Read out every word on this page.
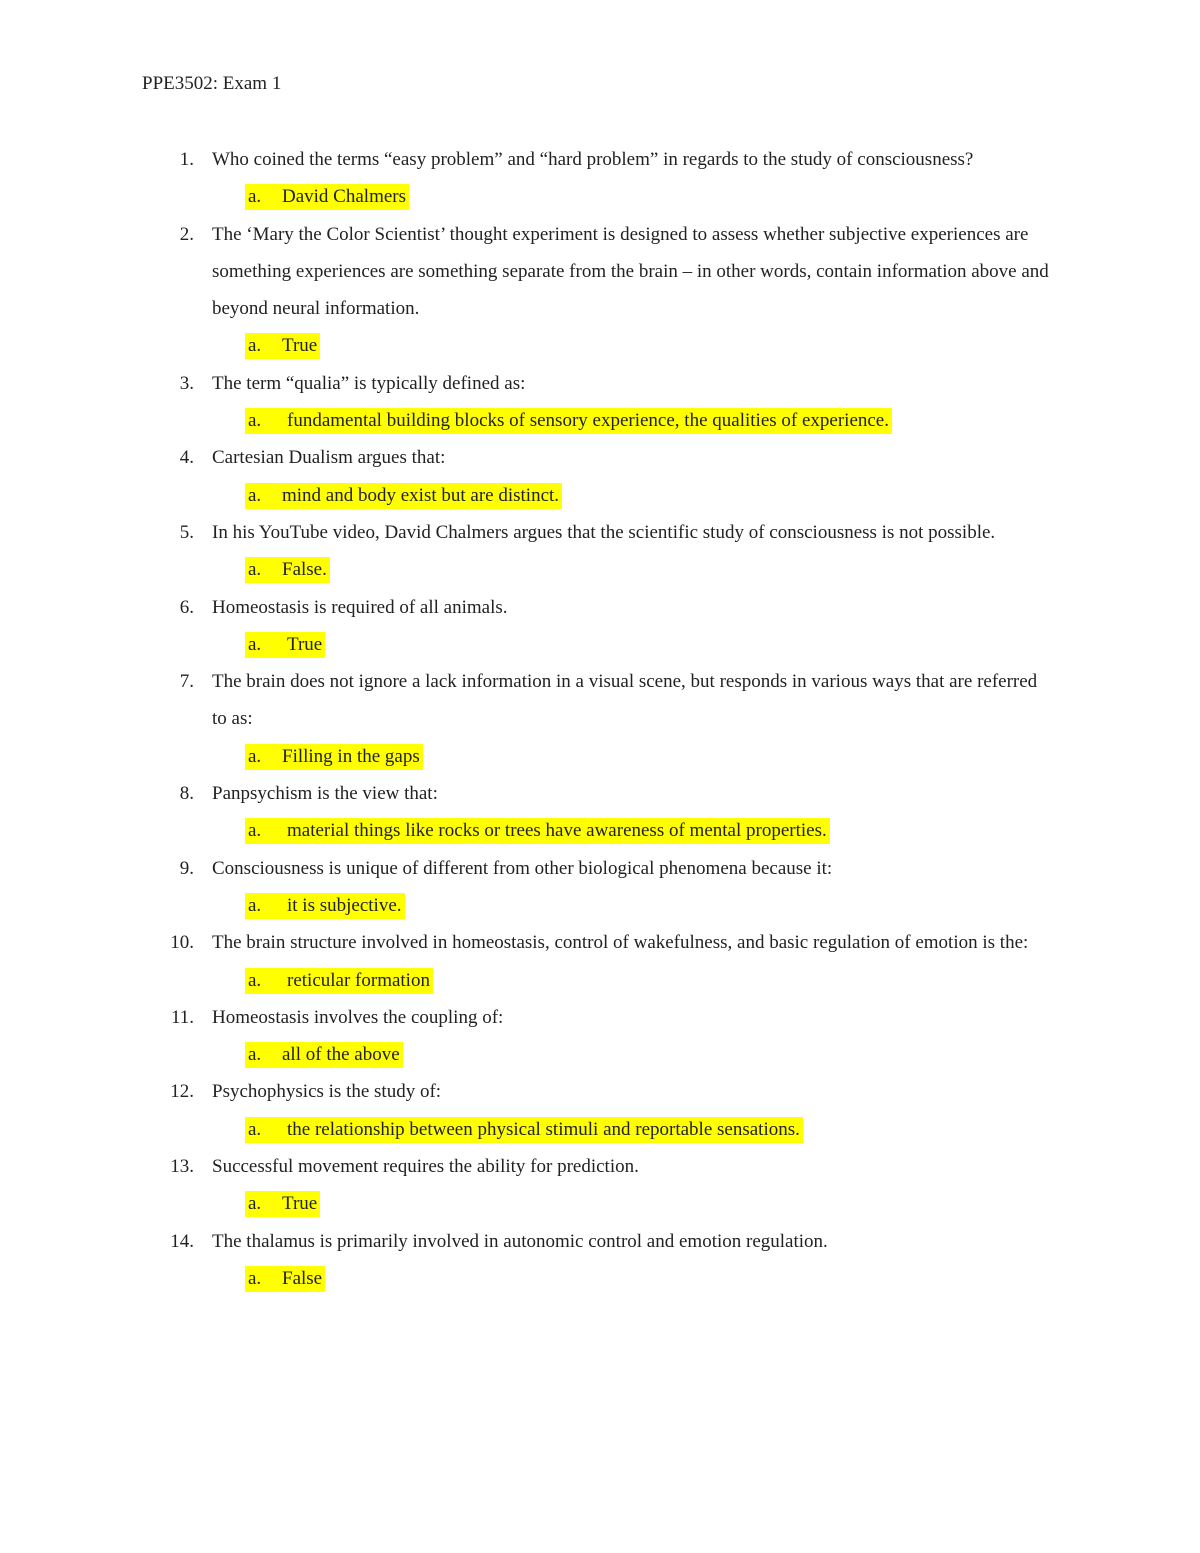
PPE3502: Exam 1
1. Who coined the terms “easy problem” and “hard problem” in regards to the study of consciousness?
a. David Chalmers
2. The ‘Mary the Color Scientist’ thought experiment is designed to assess whether subjective experiences are something experiences are something separate from the brain – in other words, contain information above and beyond neural information.
a. True
3. The term “qualia” is typically defined as:
a. fundamental building blocks of sensory experience, the qualities of experience.
4. Cartesian Dualism argues that:
a. mind and body exist but are distinct.
5. In his YouTube video, David Chalmers argues that the scientific study of consciousness is not possible.
a. False.
6. Homeostasis is required of all animals.
a. True
7. The brain does not ignore a lack information in a visual scene, but responds in various ways that are referred to as:
a. Filling in the gaps
8. Panpsychism is the view that:
a. material things like rocks or trees have awareness of mental properties.
9. Consciousness is unique of different from other biological phenomena because it:
a. it is subjective.
10. The brain structure involved in homeostasis, control of wakefulness, and basic regulation of emotion is the:
a. reticular formation
11. Homeostasis involves the coupling of:
a. all of the above
12. Psychophysics is the study of:
a. the relationship between physical stimuli and reportable sensations.
13. Successful movement requires the ability for prediction.
a. True
14. The thalamus is primarily involved in autonomic control and emotion regulation.
a. False
